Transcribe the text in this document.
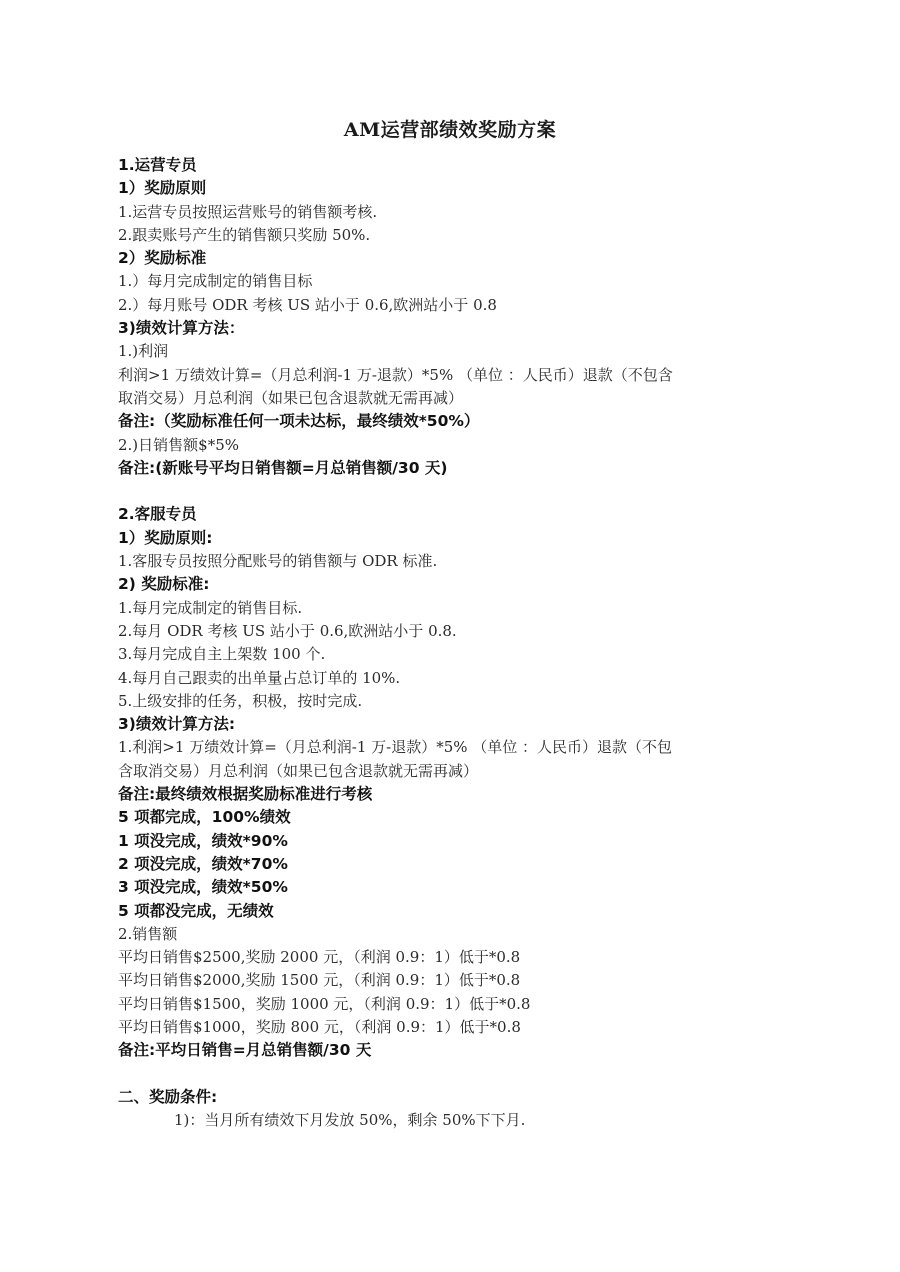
AM运营部绩效奖励方案
1.运营专员
1）奖励原则
1.运营专员按照运营账号的销售额考核.
2.跟卖账号产生的销售额只奖励 50%.
2）奖励标准
1.）每月完成制定的销售目标
2.）每月账号 ODR 考核 US 站小于 0.6,欧洲站小于 0.8
3)绩效计算方法：
1.)利润
利润>1 万绩效计算=（月总利润-1 万-退款）*5% （单位 ：人民币）退款（不包含
取消交易）月总利润（如果已包含退款就无需再减）
备注:（奖励标准任何一项未达标，最终绩效*50%）
2.)日销售额$*5%
备注:(新账号平均日销售额=月总销售额/30 天)
2.客服专员
1）奖励原则:
1.客服专员按照分配账号的销售额与 ODR 标准.
2) 奖励标准:
1.每月完成制定的销售目标.
2.每月 ODR 考核 US 站小于 0.6,欧洲站小于 0.8.
3.每月完成自主上架数 100 个.
4.每月自己跟卖的出单量占总订单的 10%.
5.上级安排的任务，积极，按时完成.
3)绩效计算方法:
1.利润>1 万绩效计算=（月总利润-1 万-退款）*5% （单位 ：人民币）退款（不包
含取消交易）月总利润（如果已包含退款就无需再减）
备注:最终绩效根据奖励标准进行考核
5 项都完成，100%绩效
1 项没完成，绩效*90%
2 项没完成，绩效*70%
3 项没完成，绩效*50%
5 项都没完成，无绩效
2.销售额
平均日销售$2500,奖励 2000 元，（利润 0.9：1）低于*0.8
平均日销售$2000,奖励 1500 元，（利润 0.9：1）低于*0.8
平均日销售$1500，奖励 1000 元，（利润 0.9：1）低于*0.8
平均日销售$1000，奖励 800 元，（利润 0.9：1）低于*0.8
备注:平均日销售=月总销售额/30 天
二、奖励条件:
1)：当月所有绩效下月发放 50%，剩余 50%下下月.
